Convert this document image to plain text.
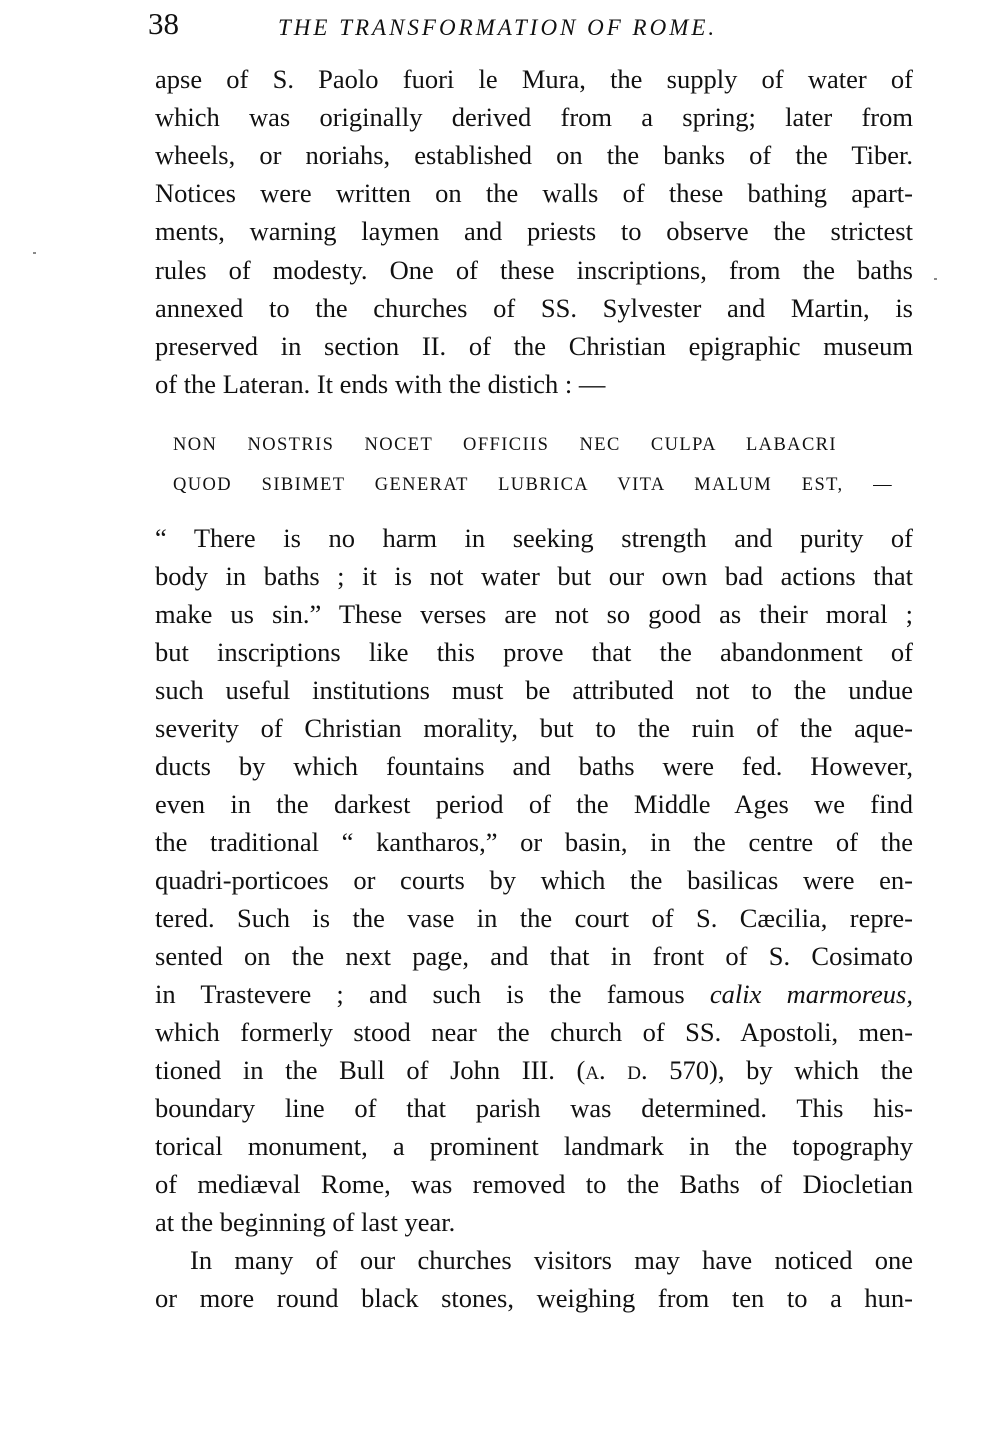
38	THE TRANSFORMATION OF ROME.
apse of S. Paolo fuori le Mura, the supply of water of
which was originally derived from a spring; later from
wheels, or noriahs, established on the banks of the Tiber.
Notices were written on the walls of these bathing apart-
ments, warning laymen and priests to observe the strictest
rules of modesty. One of these inscriptions, from the baths
annexed to the churches of SS. Sylvester and Martin, is
preserved in section II. of the Christian epigraphic museum
of the Lateran. It ends with the distich : —
NON NOSTRIS NOCET OFFICIIS NEC CULPA LABACRI
QUOD SIBIMET GENERAT LUBRICA VITA MALUM EST, —
“ There is no harm in seeking strength and purity of
body in baths ; it is not water but our own bad actions that
make us sin.” These verses are not so good as their moral ;
but inscriptions like this prove that the abandonment of
such useful institutions must be attributed not to the undue
severity of Christian morality, but to the ruin of the aque-
ducts by which fountains and baths were fed. However,
even in the darkest period of the Middle Ages we find
the traditional “ kantharos,” or basin, in the centre of the
quadri-porticoes or courts by which the basilicas were en-
tered. Such is the vase in the court of S. Cæcilia, repre-
sented on the next page, and that in front of S. Cosimato
in Trastevere ; and such is the famous calix marmoreus,
which formerly stood near the church of SS. Apostoli, men-
tioned in the Bull of John III. (a. d. 570), by which the
boundary line of that parish was determined. This his-
torical monument, a prominent landmark in the topography
of mediæval Rome, was removed to the Baths of Diocletian
at the beginning of last year.
In many of our churches visitors may have noticed one
or more round black stones, weighing from ten to a hun-
